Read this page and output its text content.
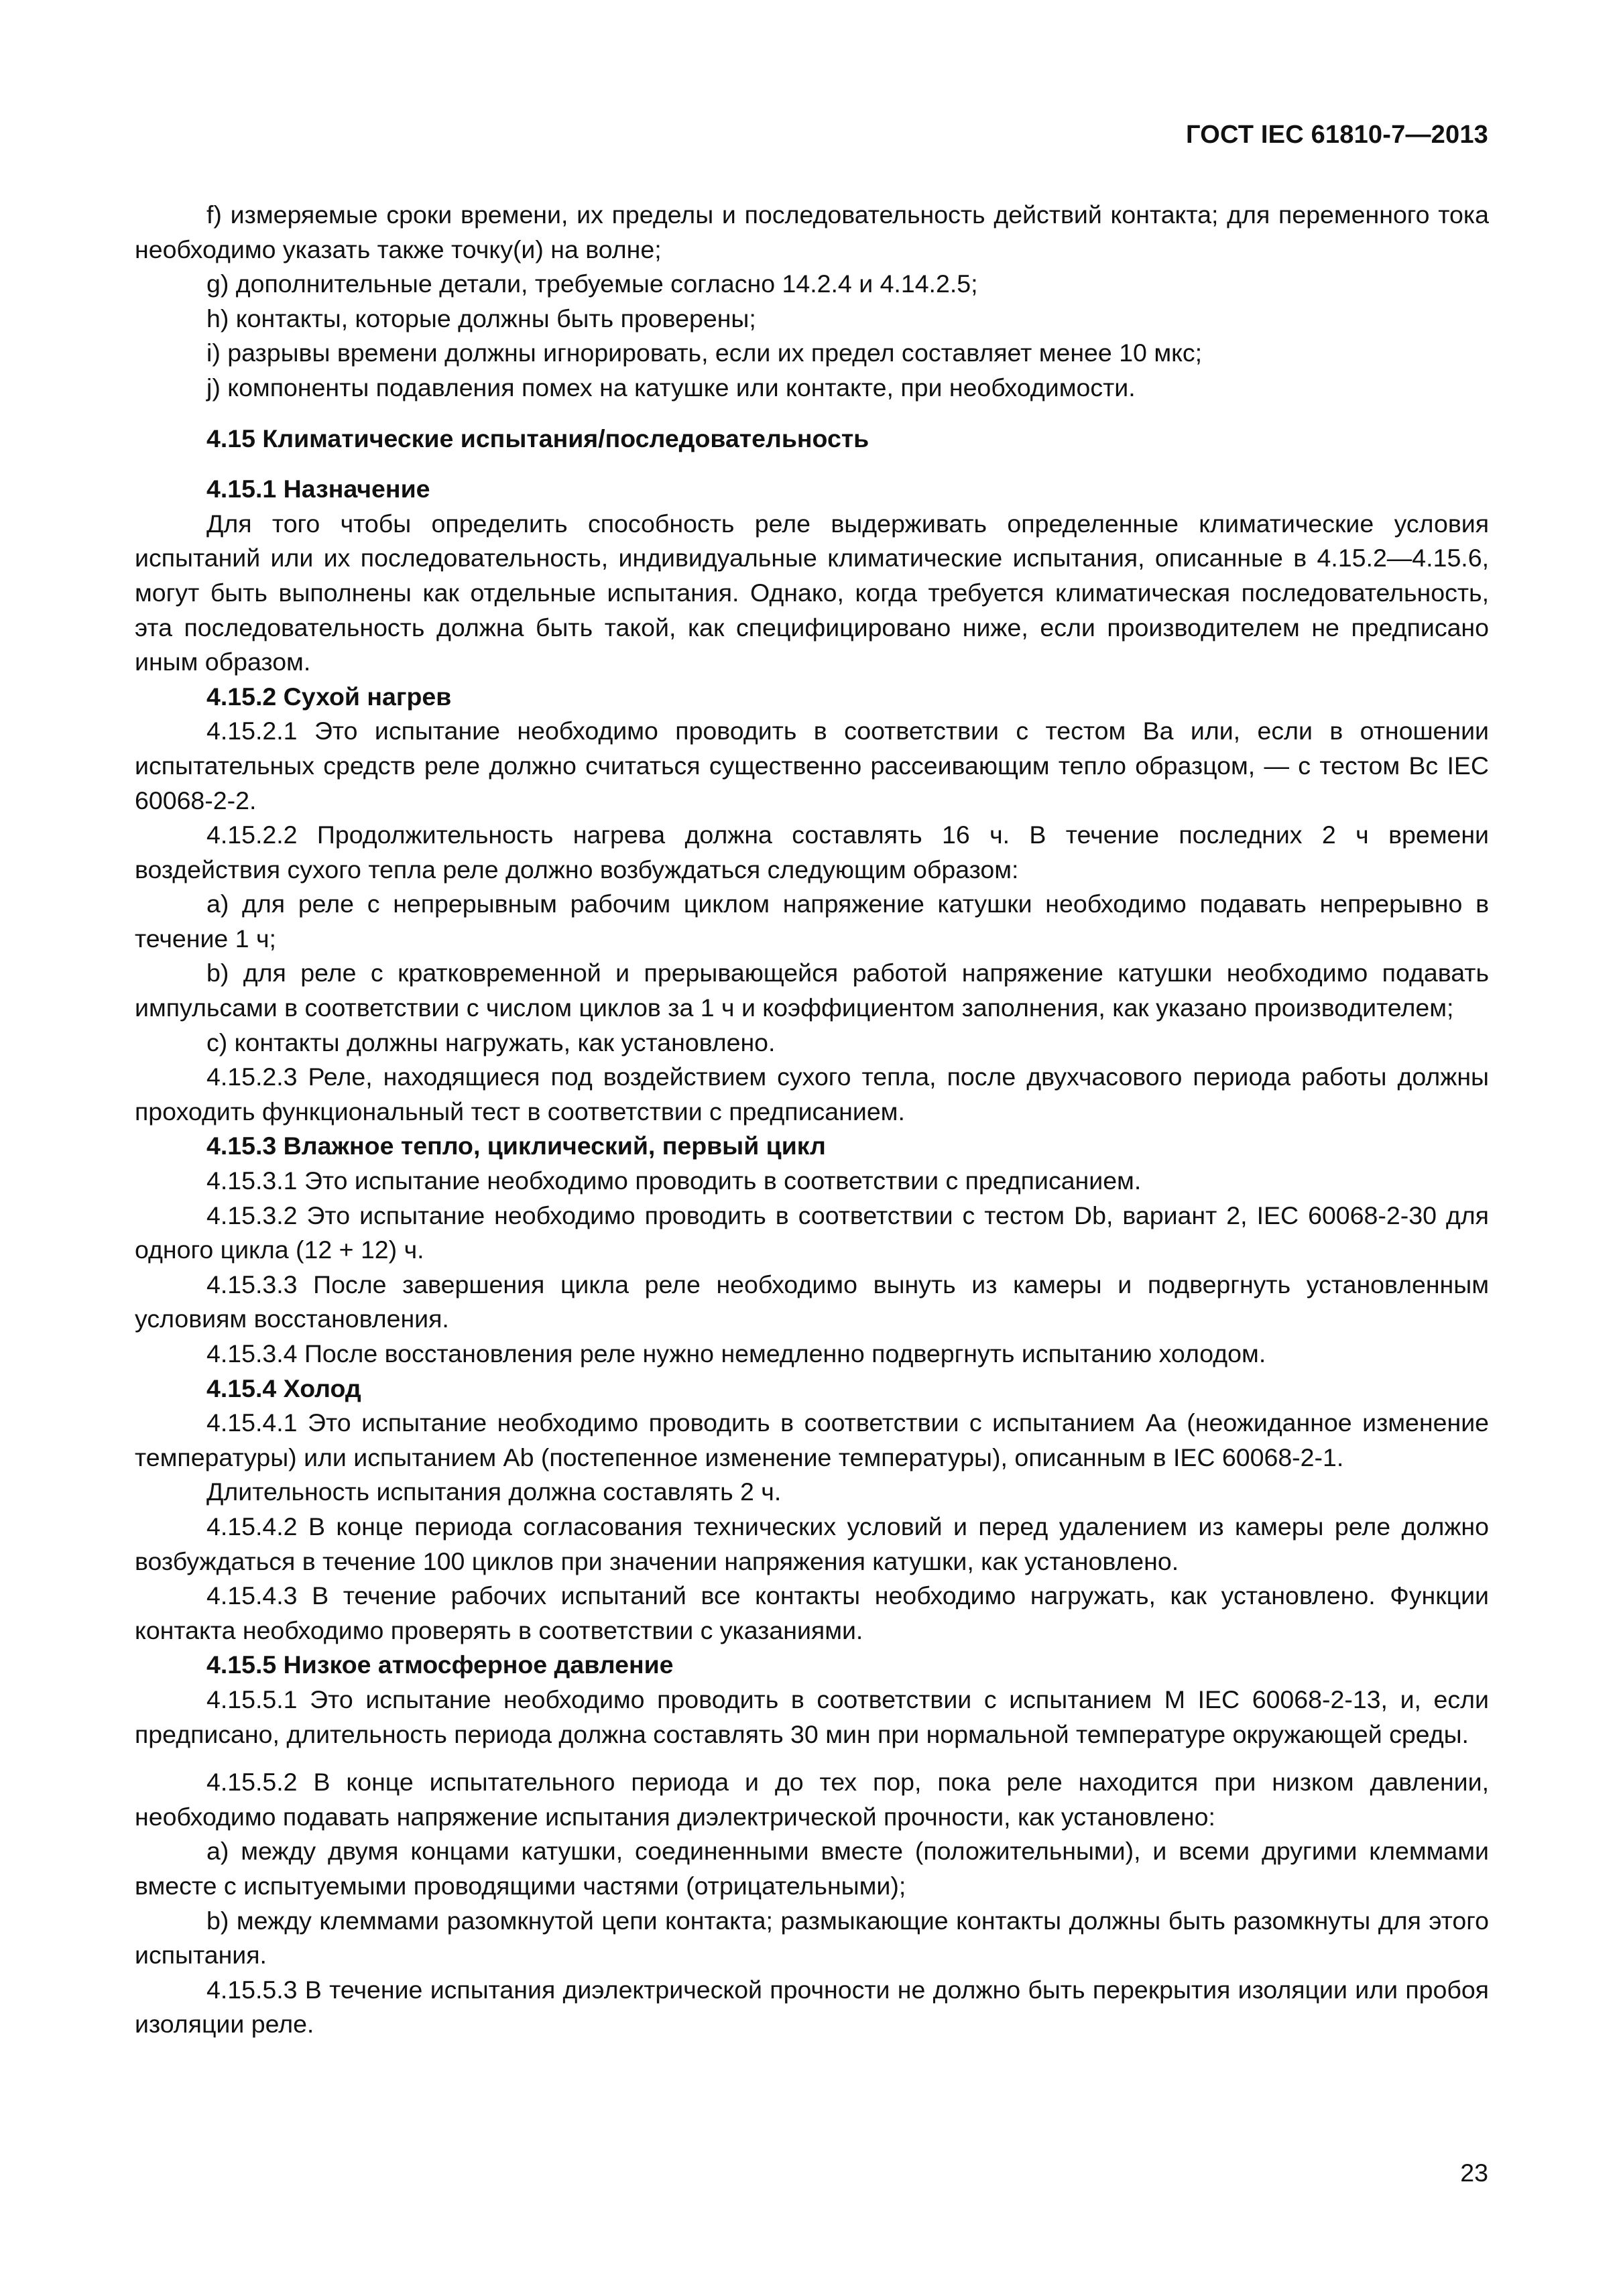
ГОСТ IEC 61810-7—2013

f) измеряемые сроки времени, их пределы и последовательность действий контакта; для переменного тока необходимо указать также точку(и) на волне;

g) дополнительные детали, требуемые согласно 14.2.4 и 4.14.2.5;

h) контакты, которые должны быть проверены;

i) разрывы времени должны игнорировать, если их предел составляет менее 10 мкс;

j) компоненты подавления помех на катушке или контакте, при необходимости.

4.15 Климатические испытания/последовательность
4.15.1 Назначение

Для того чтобы определить способность реле выдерживать определенные климатические условия испытаний или их последовательность, индивидуальные климатические испытания, описанные в 4.15.2—4.15.6, могут быть выполнены как отдельные испытания. Однако, когда требуется климатическая последовательность, эта последовательность должна быть такой, как специфицировано ниже, если производителем не предписано иным образом.

4.15.2 Сухой нагрев

4.15.2.1 Это испытание необходимо проводить в соответствии с тестом Ва или, если в отношении испытательных средств реле должно считаться существенно рассеивающим тепло образцом, — с тестом Вс IEC 60068-2-2.

4.15.2.2 Продолжительность нагрева должна составлять 16 ч. В течение последних 2 ч времени воздействия сухого тепла реле должно возбуждаться следующим образом:

а) для реле с непрерывным рабочим циклом напряжение катушки необходимо подавать непрерывно в течение 1 ч;

b) для реле с кратковременной и прерывающейся работой напряжение катушки необходимо подавать импульсами в соответствии с числом циклов за 1 ч и коэффициентом заполнения, как указано производителем;

с) контакты должны нагружать, как установлено.

4.15.2.3 Реле, находящиеся под воздействием сухого тепла, после двухчасового периода работы должны проходить функциональный тест в соответствии с предписанием.

4.15.3 Влажное тепло, циклический, первый цикл

4.15.3.1 Это испытание необходимо проводить в соответствии с предписанием.

4.15.3.2 Это испытание необходимо проводить в соответствии с тестом Db, вариант 2, IEC 60068-2-30 для одного цикла (12 + 12) ч.

4.15.3.3 После завершения цикла реле необходимо вынуть из камеры и подвергнуть установленным условиям восстановления.

4.15.3.4 После восстановления реле нужно немедленно подвергнуть испытанию холодом.

4.15.4 Холод

4.15.4.1 Это испытание необходимо проводить в соответствии с испытанием Аа (неожиданное изменение температуры) или испытанием Ab (постепенное изменение температуры), описанным в IEC 60068-2-1.

Длительность испытания должна составлять 2 ч.

4.15.4.2 В конце периода согласования технических условий и перед удалением из камеры реле должно возбуждаться в течение 100 циклов при значении напряжения катушки, как установлено.

4.15.4.3 В течение рабочих испытаний все контакты необходимо нагружать, как установлено. Функции контакта необходимо проверять в соответствии с указаниями.

4.15.5 Низкое атмосферное давление

4.15.5.1 Это испытание необходимо проводить в соответствии с испытанием М IEC 60068-2-13, и, если предписано, длительность периода должна составлять 30 мин при нормальной температуре окружающей среды.

4.15.5.2 В конце испытательного периода и до тех пор, пока реле находится при низком давлении, необходимо подавать напряжение испытания диэлектрической прочности, как установлено:

а) между двумя концами катушки, соединенными вместе (положительными), и всеми другими клеммами вместе с испытуемыми проводящими частями (отрицательными);

b) между клеммами разомкнутой цепи контакта; размыкающие контакты должны быть разомкнуты для этого испытания.

4.15.5.3 В течение испытания диэлектрической прочности не должно быть перекрытия изоляции или пробоя изоляции реле.

23
